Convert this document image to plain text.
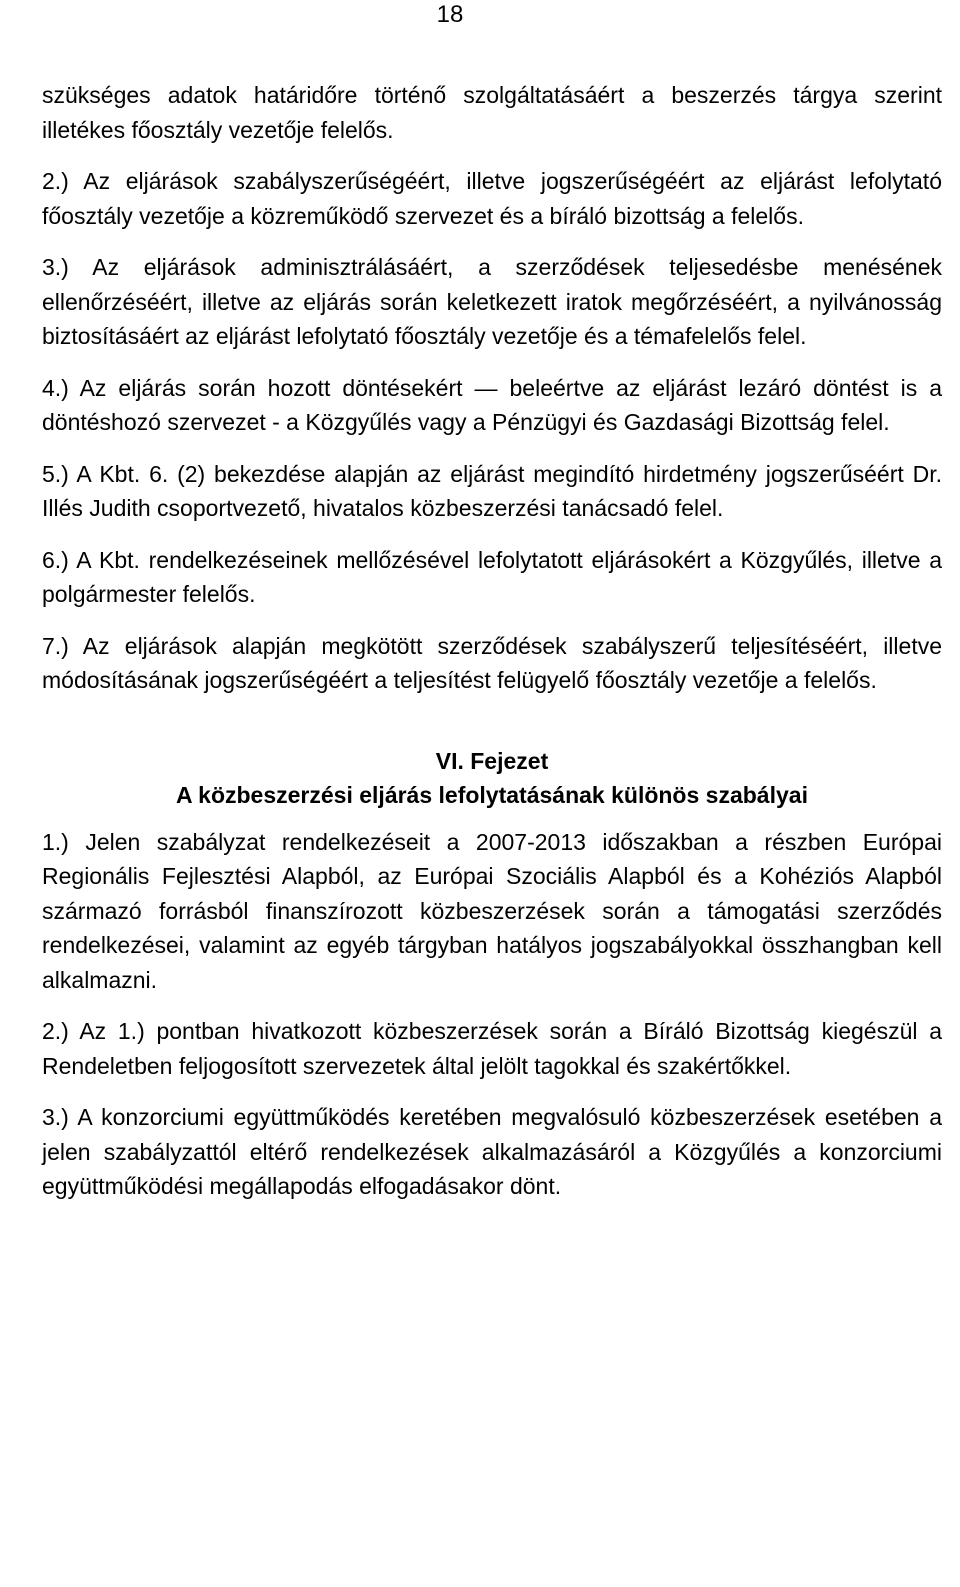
18

szükséges adatok határidőre történő szolgáltatásáért a beszerzés tárgya szerint illetékes főosztály vezetője felelős.

2.) Az eljárások szabályszerűségéért, illetve jogszerűségéért az eljárást lefolytató főosztály vezetője a közreműködő szervezet és a bíráló bizottság a felelős.

3.) Az eljárások adminisztrálásáért, a szerződések teljesedésbe menésének ellenőrzéséért, illetve az eljárás során keletkezett iratok megőrzéséért, a nyilvánosság biztosításáért az eljárást lefolytató főosztály vezetője és a témafelelős felel.

4.) Az eljárás során hozott döntésekért — beleértve az eljárást lezáró döntést is a döntéshozó szervezet - a Közgyűlés vagy a Pénzügyi és Gazdasági Bizottság felel.

5.) A Kbt. 6. (2) bekezdése alapján az eljárást megindító hirdetmény jogszerűséért Dr. Illés Judith csoportvezető, hivatalos közbeszerzési tanácsadó felel.

6.) A Kbt. rendelkezéseinek mellőzésével lefolytatott eljárásokért a Közgyűlés, illetve a polgármester felelős.

7.) Az eljárások alapján megkötött szerződések szabályszerű teljesítéséért, illetve módosításának jogszerűségéért a teljesítést felügyelő főosztály vezetője a felelős.

VI. Fejezet
A közbeszerzési eljárás lefolytatásának különös szabályai

1.) Jelen szabályzat rendelkezéseit a 2007-2013 időszakban a részben Európai Regionális Fejlesztési Alapból, az Európai Szociális Alapból és a Kohéziós Alapból származó forrásból finanszírozott közbeszerzések során a támogatási szerződés rendelkezései, valamint az egyéb tárgyban hatályos jogszabályokkal összhangban kell alkalmazni.

2.) Az 1.) pontban hivatkozott közbeszerzések során a Bíráló Bizottság kiegészül a Rendeletben feljogosított szervezetek által jelölt tagokkal és szakértőkkel.

3.) A konzorciumi együttműködés keretében megvalósuló közbeszerzések esetében a jelen szabályzattól eltérő rendelkezések alkalmazásáról a Közgyűlés a konzorciumi együttműködési megállapodás elfogadásakor dönt.
